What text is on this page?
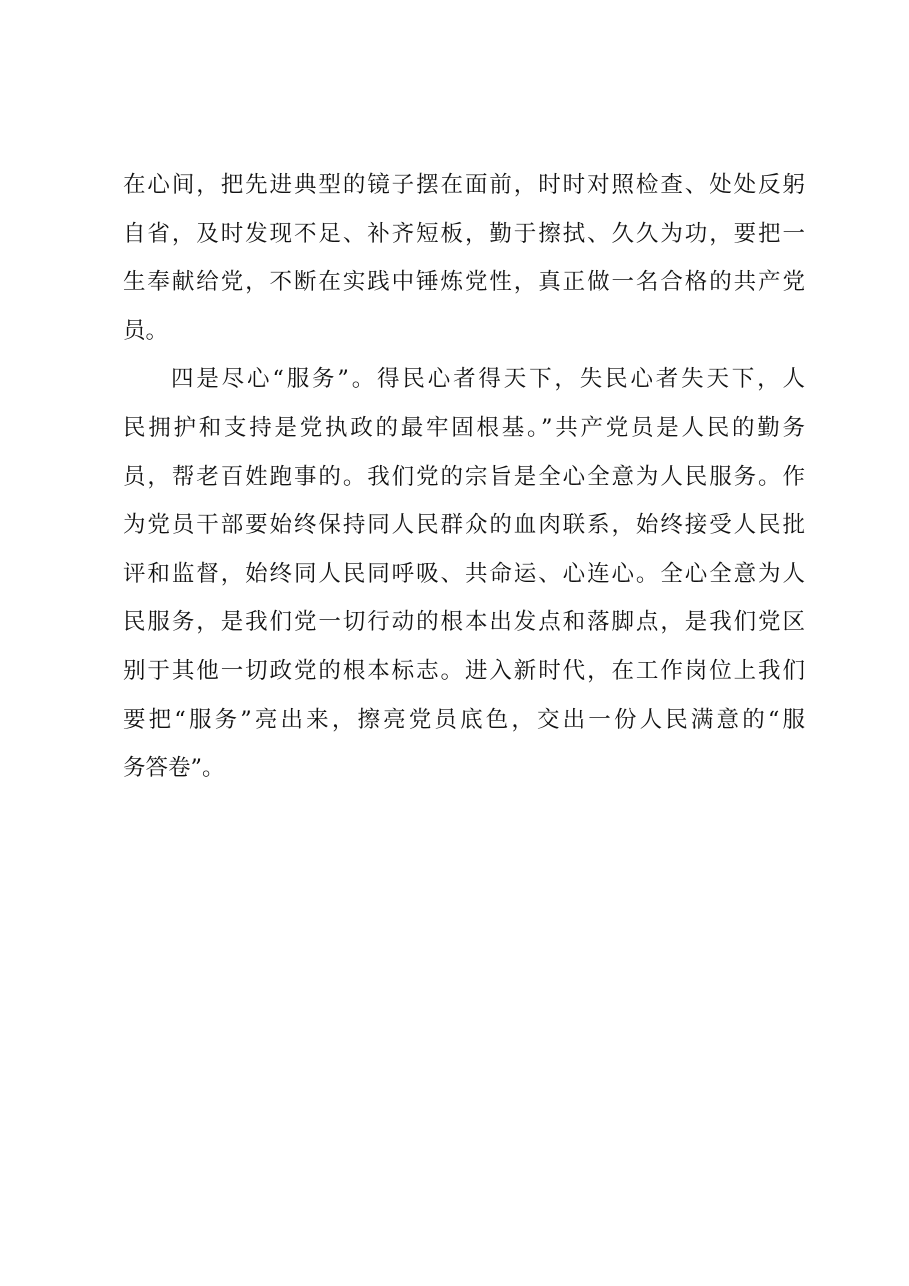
在心间，把先进典型的镜子摆在面前，时时对照检查、处处反躬
自省，及时发现不足、补齐短板，勤于擦拭、久久为功，要把一
生奉献给党，不断在实践中锤炼党性，真正做一名合格的共产党
员。
四是尽心“服务”。得民心者得天下，失民心者失天下，人
民拥护和支持是党执政的最牢固根基。”共产党员是人民的勤务
员，帮老百姓跑事的。我们党的宗旨是全心全意为人民服务。作
为党员干部要始终保持同人民群众的血肉联系，始终接受人民批
评和监督，始终同人民同呼吸、共命运、心连心。全心全意为人
民服务，是我们党一切行动的根本出发点和落脚点，是我们党区
别于其他一切政党的根本标志。进入新时代，在工作岗位上我们
要把“服务”亮出来，擦亮党员底色，交出一份人民满意的“服
务答卷”。
